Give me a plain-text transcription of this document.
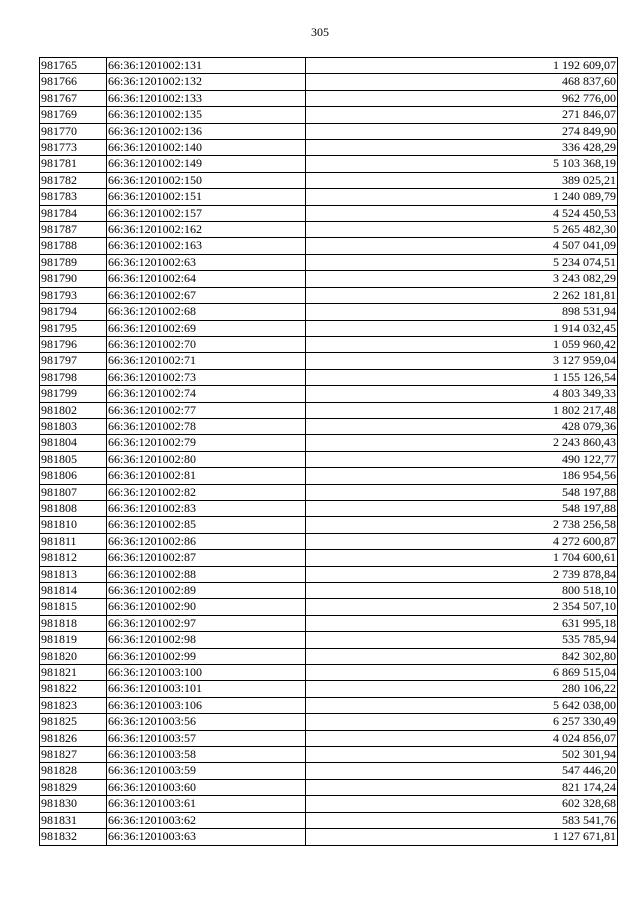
305
981765	66:36:1201002:131	1 192 609,07
981766	66:36:1201002:132	468 837,60
981767	66:36:1201002:133	962 776,00
981769	66:36:1201002:135	271 846,07
981770	66:36:1201002:136	274 849,90
981773	66:36:1201002:140	336 428,29
981781	66:36:1201002:149	5 103 368,19
981782	66:36:1201002:150	389 025,21
981783	66:36:1201002:151	1 240 089,79
981784	66:36:1201002:157	4 524 450,53
981787	66:36:1201002:162	5 265 482,30
981788	66:36:1201002:163	4 507 041,09
981789	66:36:1201002:63	5 234 074,51
981790	66:36:1201002:64	3 243 082,29
981793	66:36:1201002:67	2 262 181,81
981794	66:36:1201002:68	898 531,94
981795	66:36:1201002:69	1 914 032,45
981796	66:36:1201002:70	1 059 960,42
981797	66:36:1201002:71	3 127 959,04
981798	66:36:1201002:73	1 155 126,54
981799	66:36:1201002:74	4 803 349,33
981802	66:36:1201002:77	1 802 217,48
981803	66:36:1201002:78	428 079,36
981804	66:36:1201002:79	2 243 860,43
981805	66:36:1201002:80	490 122,77
981806	66:36:1201002:81	186 954,56
981807	66:36:1201002:82	548 197,88
981808	66:36:1201002:83	548 197,88
981810	66:36:1201002:85	2 738 256,58
981811	66:36:1201002:86	4 272 600,87
981812	66:36:1201002:87	1 704 600,61
981813	66:36:1201002:88	2 739 878,84
981814	66:36:1201002:89	800 518,10
981815	66:36:1201002:90	2 354 507,10
981818	66:36:1201002:97	631 995,18
981819	66:36:1201002:98	535 785,94
981820	66:36:1201002:99	842 302,80
981821	66:36:1201003:100	6 869 515,04
981822	66:36:1201003:101	280 106,22
981823	66:36:1201003:106	5 642 038,00
981825	66:36:1201003:56	6 257 330,49
981826	66:36:1201003:57	4 024 856,07
981827	66:36:1201003:58	502 301,94
981828	66:36:1201003:59	547 446,20
981829	66:36:1201003:60	821 174,24
981830	66:36:1201003:61	602 328,68
981831	66:36:1201003:62	583 541,76
981832	66:36:1201003:63	1 127 671,81
